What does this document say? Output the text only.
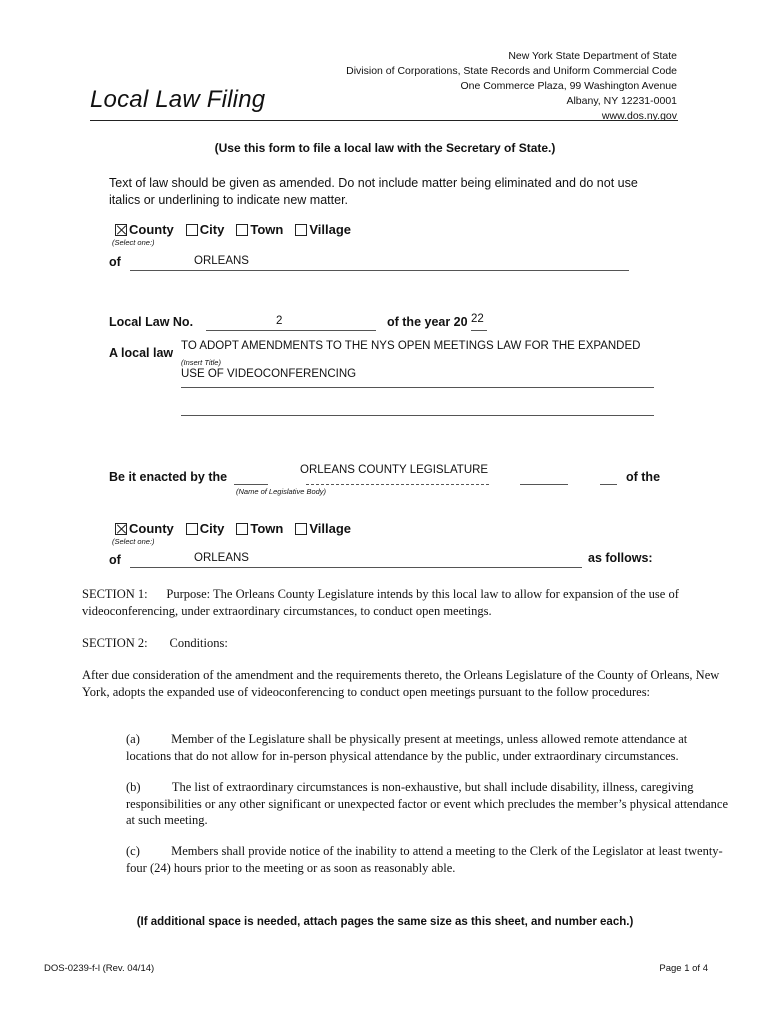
New York State Department of State
Division of Corporations, State Records and Uniform Commercial Code
One Commerce Plaza, 99 Washington Avenue
Albany, NY 12231-0001
www.dos.ny.gov
Local Law Filing
(Use this form to file a local law with the Secretary of State.)
Text of law should be given as amended. Do not include matter being eliminated and do not use italics or underlining to indicate new matter.
County City Town Village
(Select one:)
of	ORLEANS
Local Law No.	2	of the year 20 22
A local law TO ADOPT AMENDMENTS TO THE NYS OPEN MEETINGS LAW FOR THE EXPANDED
(Insert Title)
USE OF VIDEOCONFERENCING
Be it enacted by the	ORLEANS COUNTY LEGISLATURE
(Name of Legislative Body)
of the
County City Town Village
(Select one:)
of	ORLEANS	as follows:

SECTION 1: Purpose: The Orleans County Legislature intends by this local law to allow for expansion of the use of videoconferencing, under extraordinary circumstances, to conduct open meetings.

SECTION 2: Conditions:

After due consideration of the amendment and the requirements thereto, the Orleans Legislature of the County of Orleans, New York, adopts the expanded use of videoconferencing to conduct open meetings pursuant to the follow procedures:

(a)	Member of the Legislature shall be physically present at meetings, unless allowed remote attendance at locations that do not allow for in-person physical attendance by the public, under extraordinary circumstances.

(b)	The list of extraordinary circumstances is non-exhaustive, but shall include disability, illness, caregiving responsibilities or any other significant or unexpected factor or event which precludes the member’s physical attendance at such meeting.

(c)	Members shall provide notice of the inability to attend a meeting to the Clerk of the Legislator at least twenty-four (24) hours prior to the meeting or as soon as reasonably able.

(If additional space is needed, attach pages the same size as this sheet, and number each.)
DOS-0239-f-l (Rev. 04/14)	Page 1 of 4
